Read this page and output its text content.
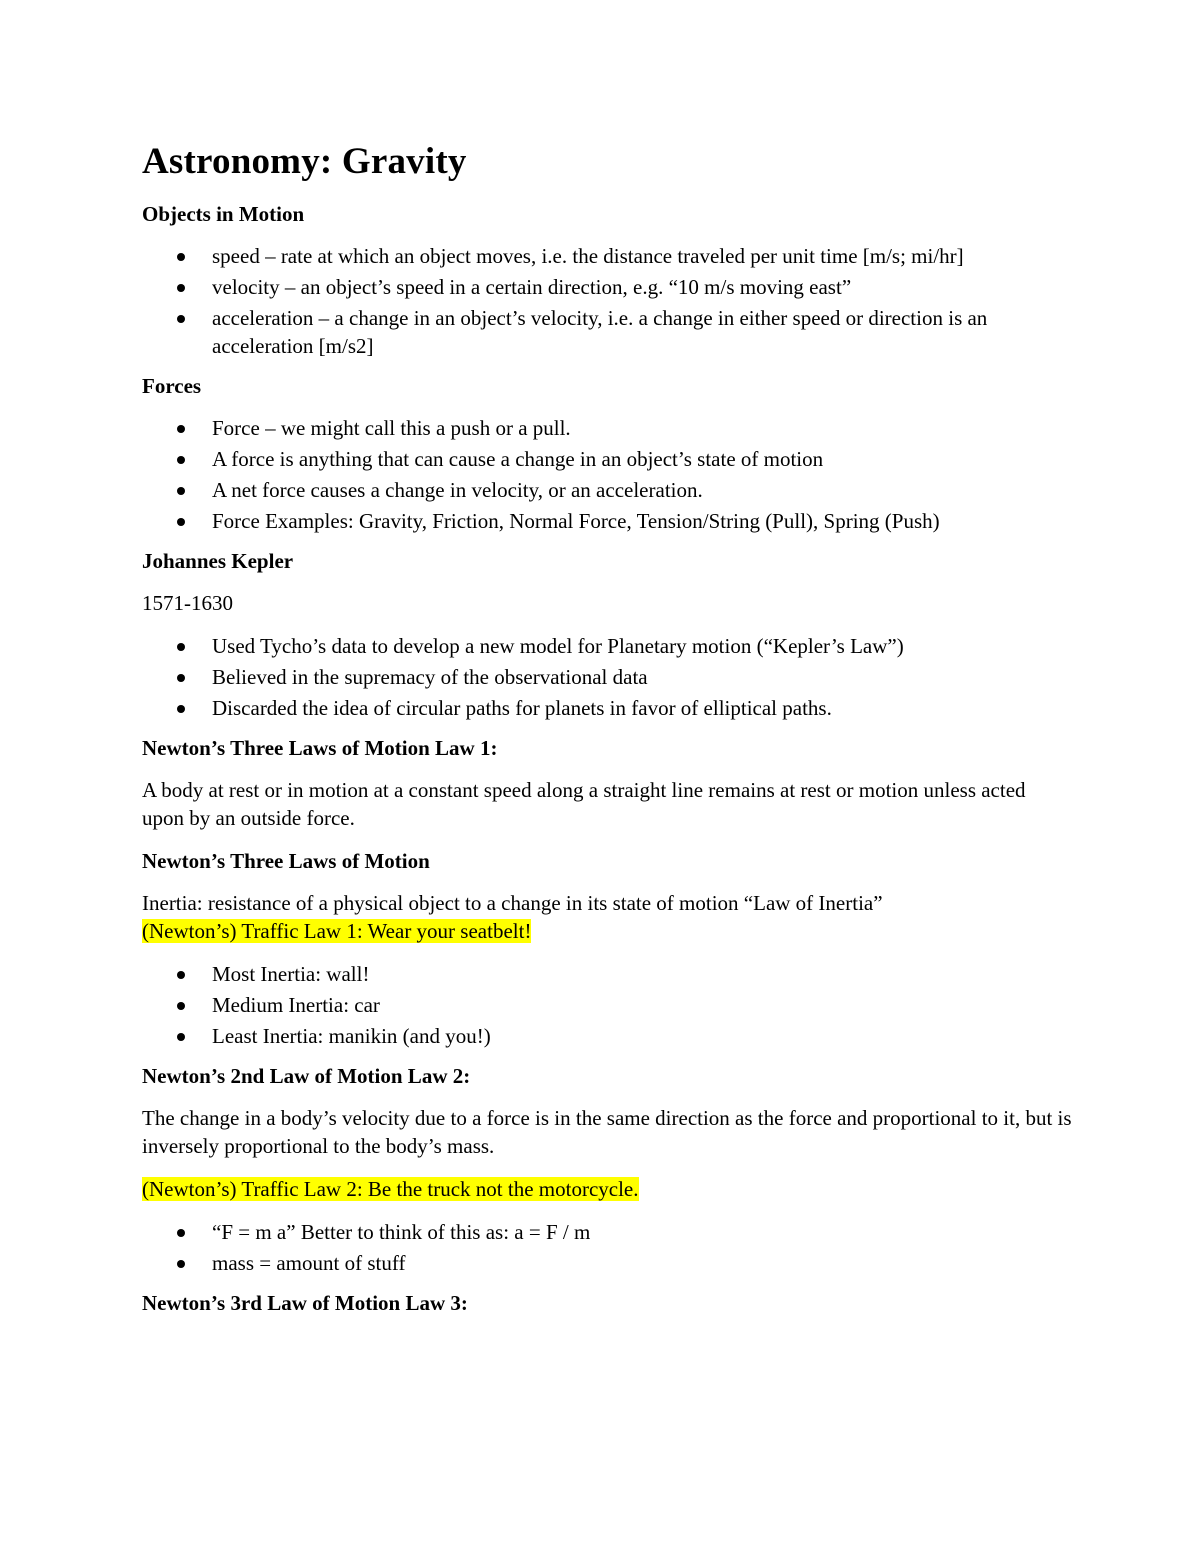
Astronomy: Gravity
Objects in Motion
speed – rate at which an object moves, i.e. the distance traveled per unit time [m/s; mi/hr]
velocity – an object’s speed in a certain direction, e.g. “10 m/s moving east”
acceleration – a change in an object’s velocity, i.e. a change in either speed or direction is an acceleration [m/s2]
Forces
Force – we might call this a push or a pull.
A force is anything that can cause a change in an object’s state of motion
A net force causes a change in velocity, or an acceleration.
Force Examples: Gravity, Friction, Normal Force, Tension/String (Pull), Spring (Push)
Johannes Kepler

1571-1630

Used Tycho’s data to develop a new model for Planetary motion (“Kepler’s Law”)
Believed in the supremacy of the observational data
Discarded the idea of circular paths for planets in favor of elliptical paths.
Newton’s Three Laws of Motion Law 1:

A body at rest or in motion at a constant speed along a straight line remains at rest or motion unless acted upon by an outside force.

Newton’s Three Laws of Motion

Inertia: resistance of a physical object to a change in its state of motion “Law of Inertia”

(Newton’s) Traffic Law 1: Wear your seatbelt!

Most Inertia: wall!
Medium Inertia: car
Least Inertia: manikin (and you!)
Newton’s 2nd Law of Motion Law 2:

The change in a body’s velocity due to a force is in the same direction as the force and proportional to it, but is inversely proportional to the body’s mass.

(Newton’s) Traffic Law 2: Be the truck not the motorcycle.

“F = m a” Better to think of this as: a = F / m
mass = amount of stuff
Newton’s 3rd Law of Motion Law 3:
